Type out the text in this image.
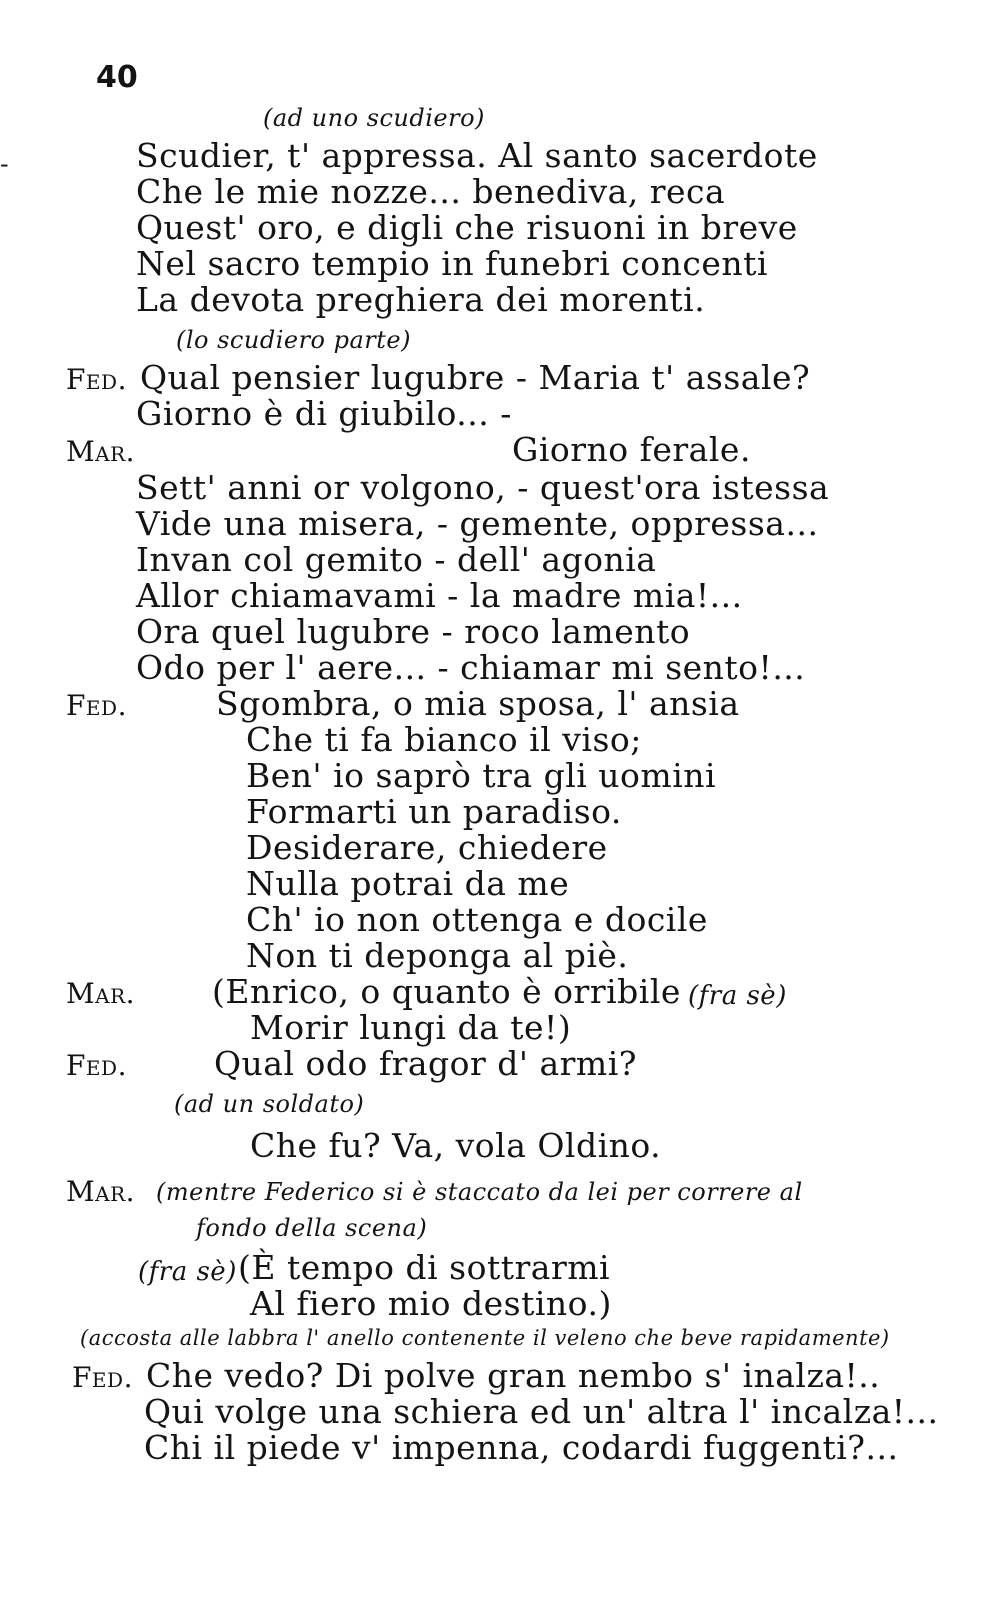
40
-
(ad uno scudiero)
Scudier, t' appressa. Al santo sacerdote
Che le mie nozze... benediva, reca
Quest' oro, e digli che risuoni in breve
Nel sacro tempio in funebri concenti
La devota preghiera dei morenti.
(lo scudiero parte)
Fed. Qual pensier lugubre - Maria t' assale?
Giorno è di giubilo... -
Mar.	Giorno ferale.
Sett' anni or volgono, - quest'ora istessa
Vide una misera, - gemente, oppressa...
Invan col gemito - dell' agonia
Allor chiamavami - la madre mia!...
Ora quel lugubre - roco lamento
Odo per l' aere... - chiamar mi sento!...
Fed.	Sgombra, o mia sposa, l' ansia
Che ti fa bianco il viso;
Ben' io saprò tra gli uomini
Formarti un paradiso.
Desiderare, chiedere
Nulla potrai da me
Ch' io non ottenga e docile
Non ti deponga al piè.
Mar. (Enrico, o quanto è orribile (fra sè)
Morir lungi da te!)
Fed.	Qual odo fragor d' armi?
(ad un soldato)
Che fu? Va, vola Oldino.
Mar. (mentre Federico si è staccato da lei per correre al
fondo della scena)
(fra sè) (È tempo di sottrarmi
Al fiero mio destino.)
(accosta alle labbra l' anello contenente il veleno che beve rapidamente)
Fed. Che vedo? Di polve gran nembo s' inalza!..
Qui volge una schiera ed un' altra l' incalza!...
Chi il piede v' impenna, codardi fuggenti?...
